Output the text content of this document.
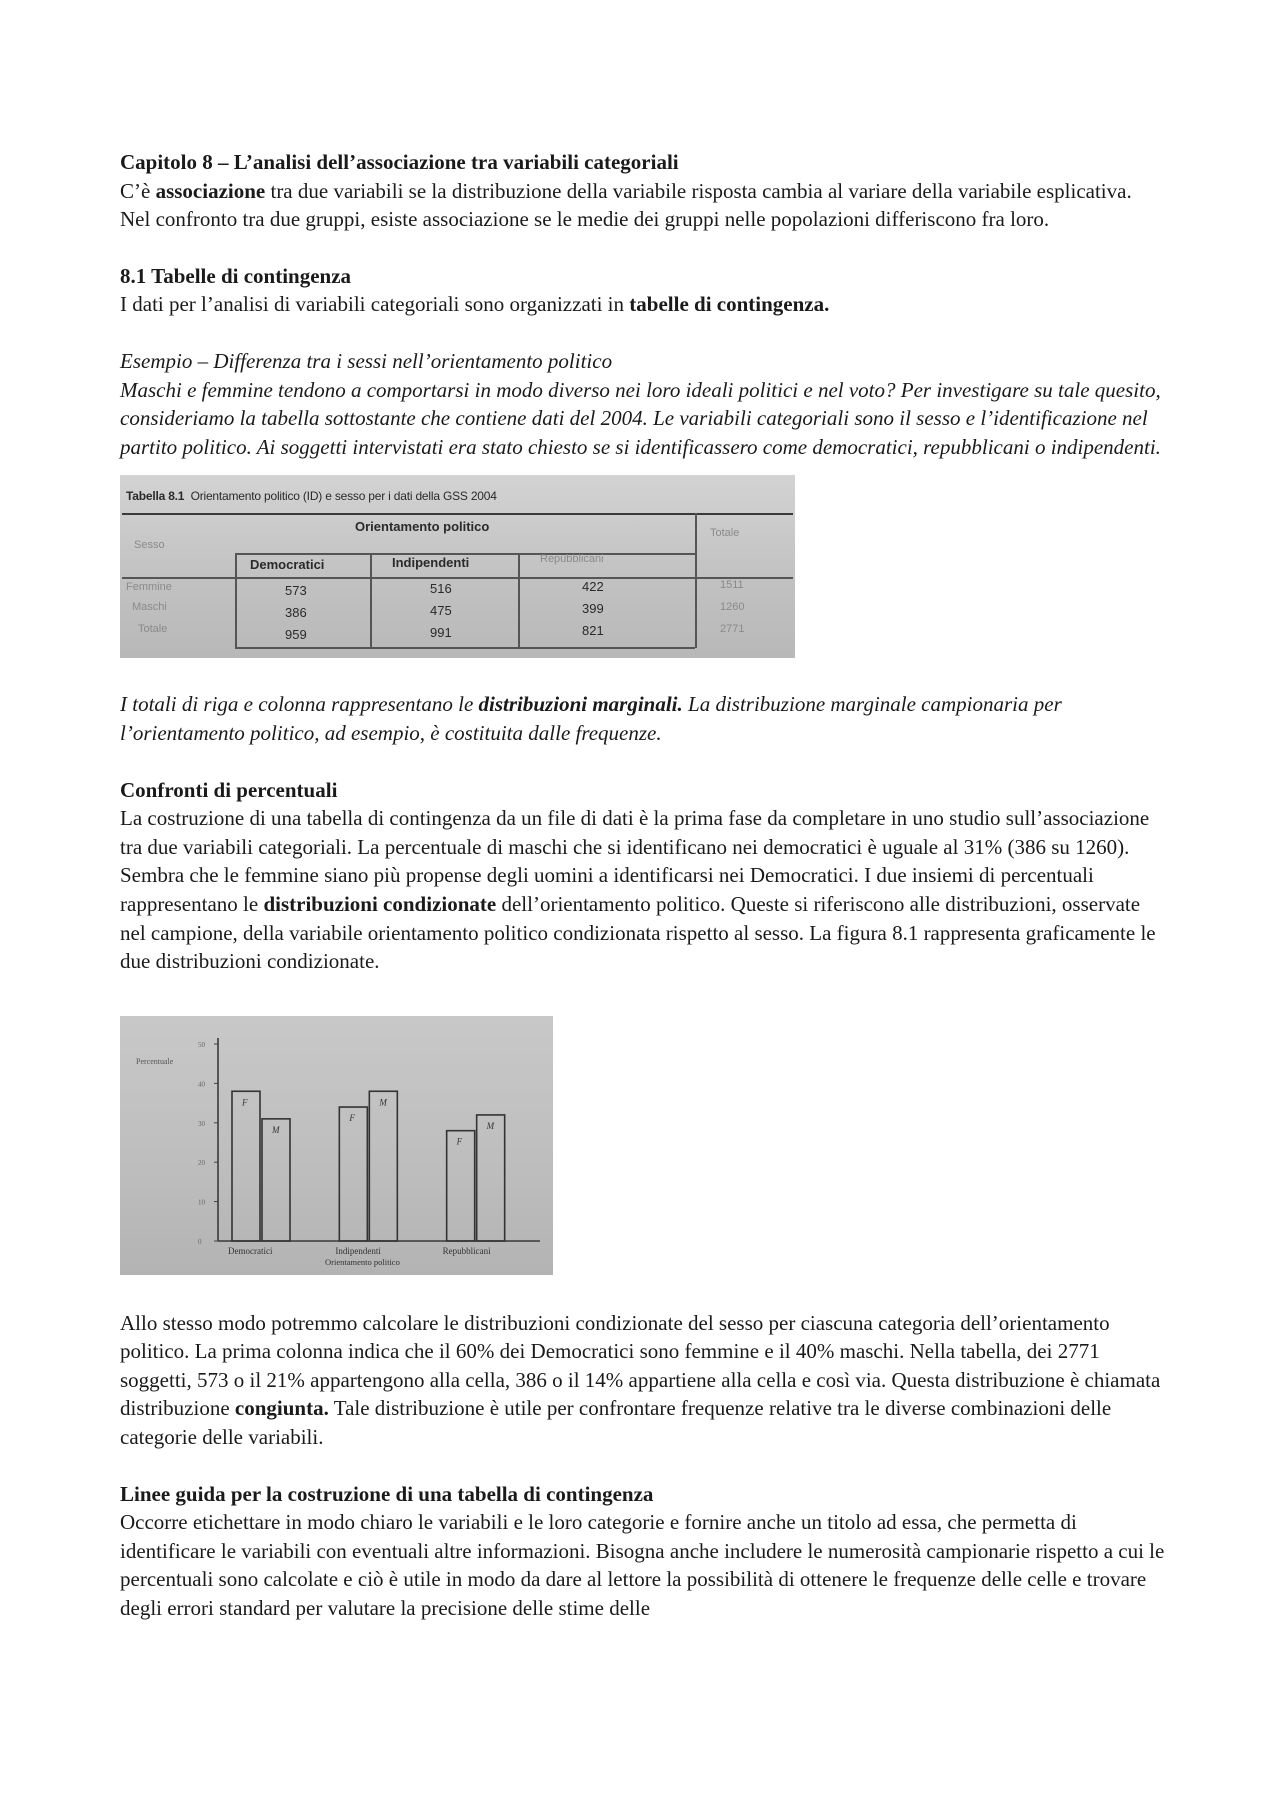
Capitolo 8 – L’analisi dell’associazione tra variabili categoriali

C’è associazione tra due variabili se la distribuzione della variabile risposta cambia al variare della variabile esplicativa. Nel confronto tra due gruppi, esiste associazione se le medie dei gruppi nelle popolazioni differiscono fra loro.

8.1 Tabelle di contingenza

I dati per l’analisi di variabili categoriali sono organizzati in tabelle di contingenza.

Esempio – Differenza tra i sessi nell’orientamento politico

Maschi e femmine tendono a comportarsi in modo diverso nei loro ideali politici e nel voto? Per investigare su tale quesito, consideriamo la tabella sottostante che contiene dati del 2004. Le variabili categoriali sono il sesso e l’identificazione nel partito politico. Ai soggetti intervistati era stato chiesto se si identificassero come democratici, repubblicani o indipendenti.

Tabella 8.1 Orientamento politico (ID) e sesso per i dati della GSS 2004
Orientamento politico	Totale
Sesso
Democratici	Indipendenti	Repubblicani
Femmine	573	516	422	1511
Maschi	386	475	399	1260
Totale	959	991	821	2771

I totali di riga e colonna rappresentano le distribuzioni marginali. La distribuzione marginale campionaria per l’orientamento politico, ad esempio, è costituita dalle frequenze.

Confronti di percentuali

La costruzione di una tabella di contingenza da un file di dati è la prima fase da completare in uno studio sull’associazione tra due variabili categoriali. La percentuale di maschi che si identificano nei democratici è uguale al 31% (386 su 1260). Sembra che le femmine siano più propense degli uomini a identificarsi nei Democratici. I due insiemi di percentuali rappresentano le distribuzioni condizionate dell’orientamento politico. Queste si riferiscono alle distribuzioni, osservate nel campione, della variabile orientamento politico condizionata rispetto al sesso. La figura 8.1 rappresenta graficamente le due distribuzioni condizionate.

Percentuale
0
10
20
30
40
50
F
M
Democratici
F
M
Indipendenti
F
M
Repubblicani
Orientamento politico

Allo stesso modo potremmo calcolare le distribuzioni condizionate del sesso per ciascuna categoria dell’orientamento politico. La prima colonna indica che il 60% dei Democratici sono femmine e il 40% maschi. Nella tabella, dei 2771 soggetti, 573 o il 21% appartengono alla cella, 386 o il 14% appartiene alla cella e così via. Questa distribuzione è chiamata distribuzione congiunta. Tale distribuzione è utile per confrontare frequenze relative tra le diverse combinazioni delle categorie delle variabili.

Linee guida per la costruzione di una tabella di contingenza

Occorre etichettare in modo chiaro le variabili e le loro categorie e fornire anche un titolo ad essa, che permetta di identificare le variabili con eventuali altre informazioni. Bisogna anche includere le numerosità campionarie rispetto a cui le percentuali sono calcolate e ciò è utile in modo da dare al lettore la possibilità di ottenere le frequenze delle celle e trovare degli errori standard per valutare la precisione delle stime delle
